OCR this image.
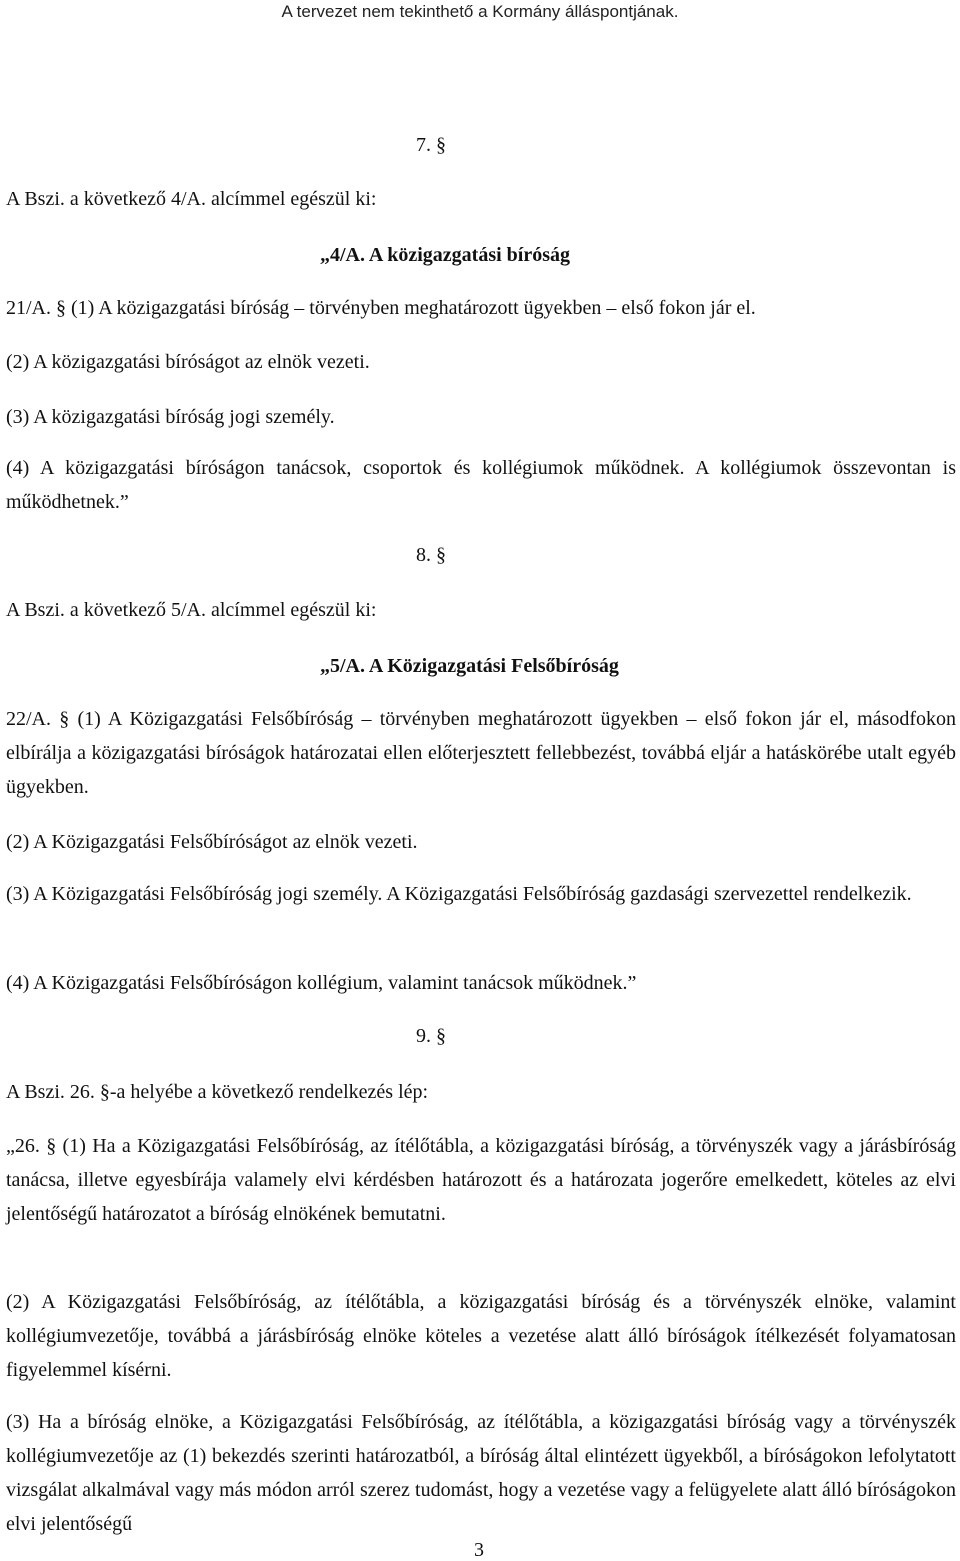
A tervezet nem tekinthető a Kormány álláspontjának.
7. §
A Bszi. a következő 4/A. alcímmel egészül ki:
„4/A. A közigazgatási bíróság
21/A. § (1) A közigazgatási bíróság – törvényben meghatározott ügyekben – első fokon jár el.
(2) A közigazgatási bíróságot az elnök vezeti.
(3) A közigazgatási bíróság jogi személy.
(4) A közigazgatási bíróságon tanácsok, csoportok és kollégiumok működnek. A kollégiumok összevontan is működhetnek.”
8. §
A Bszi. a következő 5/A. alcímmel egészül ki:
„5/A. A Közigazgatási Felsőbíróság
22/A. § (1) A Közigazgatási Felsőbíróság – törvényben meghatározott ügyekben – első fokon jár el, másodfokon elbírálja a közigazgatási bíróságok határozatai ellen előterjesztett fellebbezést, továbbá eljár a hatáskörébe utalt egyéb ügyekben.
(2) A Közigazgatási Felsőbíróságot az elnök vezeti.
(3) A Közigazgatási Felsőbíróság jogi személy. A Közigazgatási Felsőbíróság gazdasági szervezettel rendelkezik.
(4) A Közigazgatási Felsőbíróságon kollégium, valamint tanácsok működnek.”
9. §
A Bszi. 26. §-a helyébe a következő rendelkezés lép:
„26. § (1) Ha a Közigazgatási Felsőbíróság, az ítélőtábla, a közigazgatási bíróság, a törvényszék vagy a járásbíróság tanácsa, illetve egyesbírája valamely elvi kérdésben határozott és a határozata jogerőre emelkedett, köteles az elvi jelentőségű határozatot a bíróság elnökének bemutatni.
(2) A Közigazgatási Felsőbíróság, az ítélőtábla, a közigazgatási bíróság és a törvényszék elnöke, valamint kollégiumvezetője, továbbá a járásbíróság elnöke köteles a vezetése alatt álló bíróságok ítélkezését folyamatosan figyelemmel kísérni.
(3) Ha a bíróság elnöke, a Közigazgatási Felsőbíróság, az ítélőtábla, a közigazgatási bíróság vagy a törvényszék kollégiumvezetője az (1) bekezdés szerinti határozatból, a bíróság által elintézett ügyekből, a bíróságokon lefolytatott vizsgálat alkalmával vagy más módon arról szerez tudomást, hogy a vezetése vagy a felügyelete alatt álló bíróságokon elvi jelentőségű
3
